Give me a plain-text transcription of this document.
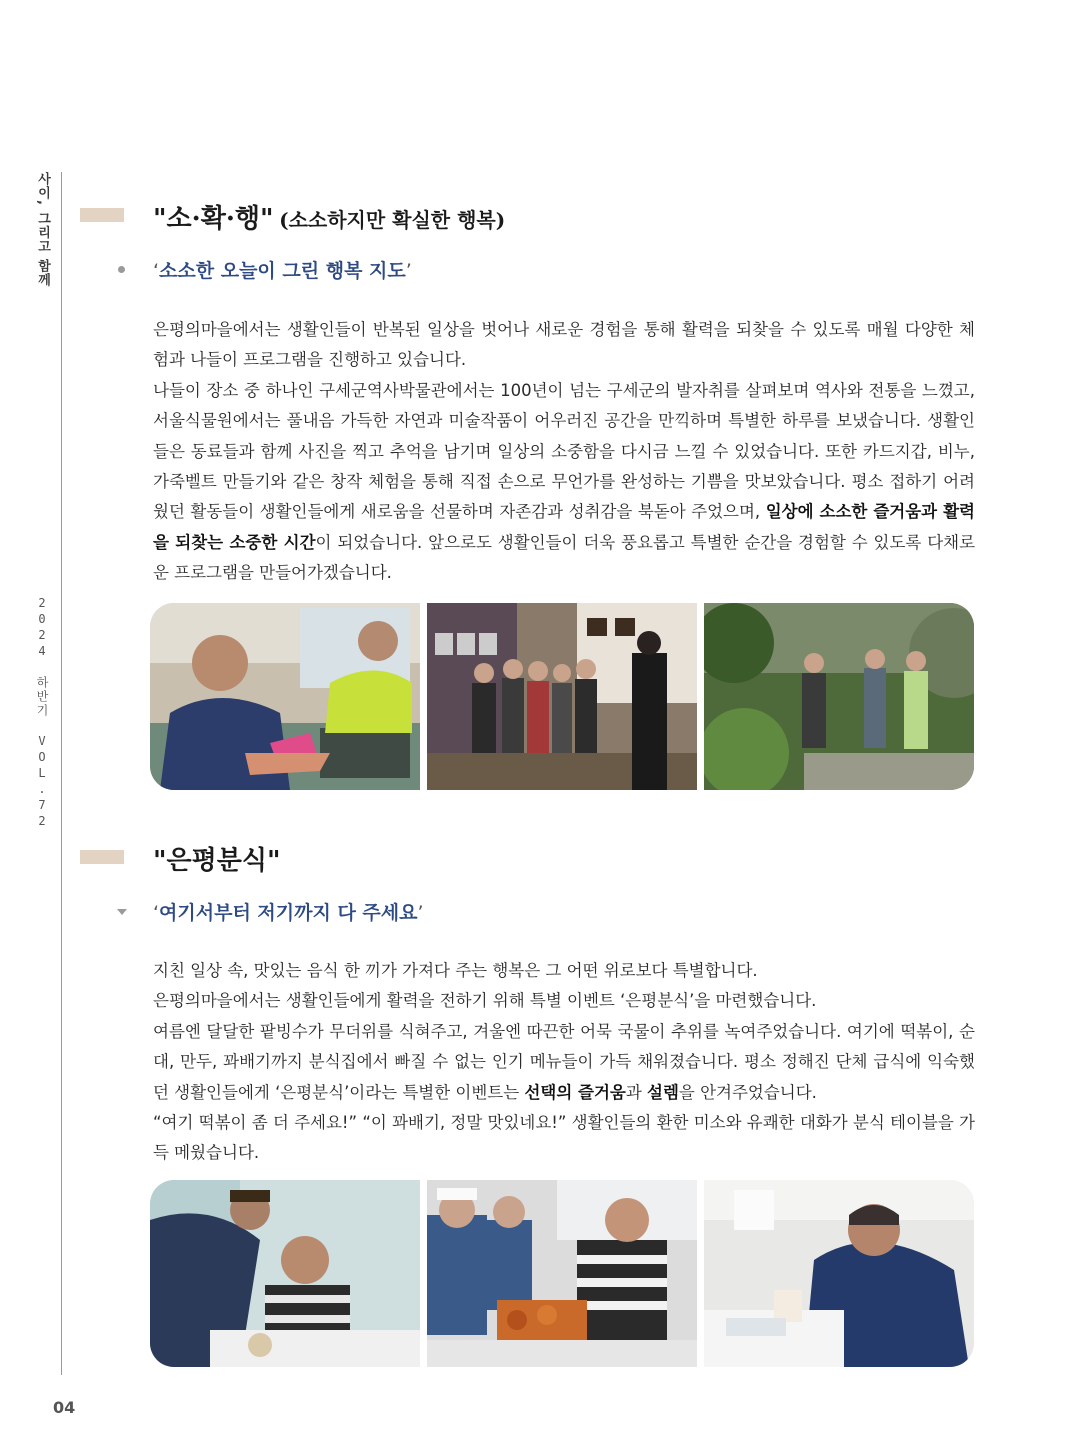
사이, 그리고 함께
2024 하반기 VOL.72
04
"소·확·행" (소소하지만 확실한 행복)
‘소소한 오늘이 그린 행복 지도’

은평의마을에서는 생활인들이 반복된 일상을 벗어나 새로운 경험을 통해 활력을 되찾을 수 있도록 매월 다양한 체험과 나들이 프로그램을 진행하고 있습니다.

나들이 장소 중 하나인 구세군역사박물관에서는 100년이 넘는 구세군의 발자취를 살펴보며 역사와 전통을 느꼈고, 서울식물원에서는 풀내음 가득한 자연과 미술작품이 어우러진 공간을 만끽하며 특별한 하루를 보냈습니다. 생활인들은 동료들과 함께 사진을 찍고 추억을 남기며 일상의 소중함을 다시금 느낄 수 있었습니다. 또한 카드지갑, 비누, 가죽벨트 만들기와 같은 창작 체험을 통해 직접 손으로 무언가를 완성하는 기쁨을 맛보았습니다. 평소 접하기 어려웠던 활동들이 생활인들에게 새로움을 선물하며 자존감과 성취감을 북돋아 주었으며, 일상에 소소한 즐거움과 활력을 되찾는 소중한 시간이 되었습니다. 앞으로도 생활인들이 더욱 풍요롭고 특별한 순간을 경험할 수 있도록 다채로운 프로그램을 만들어가겠습니다.

"은평분식"
‘여기서부터 저기까지 다 주세요’

지친 일상 속, 맛있는 음식 한 끼가 가져다 주는 행복은 그 어떤 위로보다 특별합니다.

은평의마을에서는 생활인들에게 활력을 전하기 위해 특별 이벤트 ‘은평분식’을 마련했습니다.

여름엔 달달한 팥빙수가 무더위를 식혀주고, 겨울엔 따끈한 어묵 국물이 추위를 녹여주었습니다. 여기에 떡볶이, 순대, 만두, 꽈배기까지 분식집에서 빠질 수 없는 인기 메뉴들이 가득 채워졌습니다. 평소 정해진 단체 급식에 익숙했던 생활인들에게 ‘은평분식’이라는 특별한 이벤트는 선택의 즐거움과 설렘을 안겨주었습니다.

“여기 떡볶이 좀 더 주세요!” “이 꽈배기, 정말 맛있네요!” 생활인들의 환한 미소와 유쾌한 대화가 분식 테이블을 가득 메웠습니다.
